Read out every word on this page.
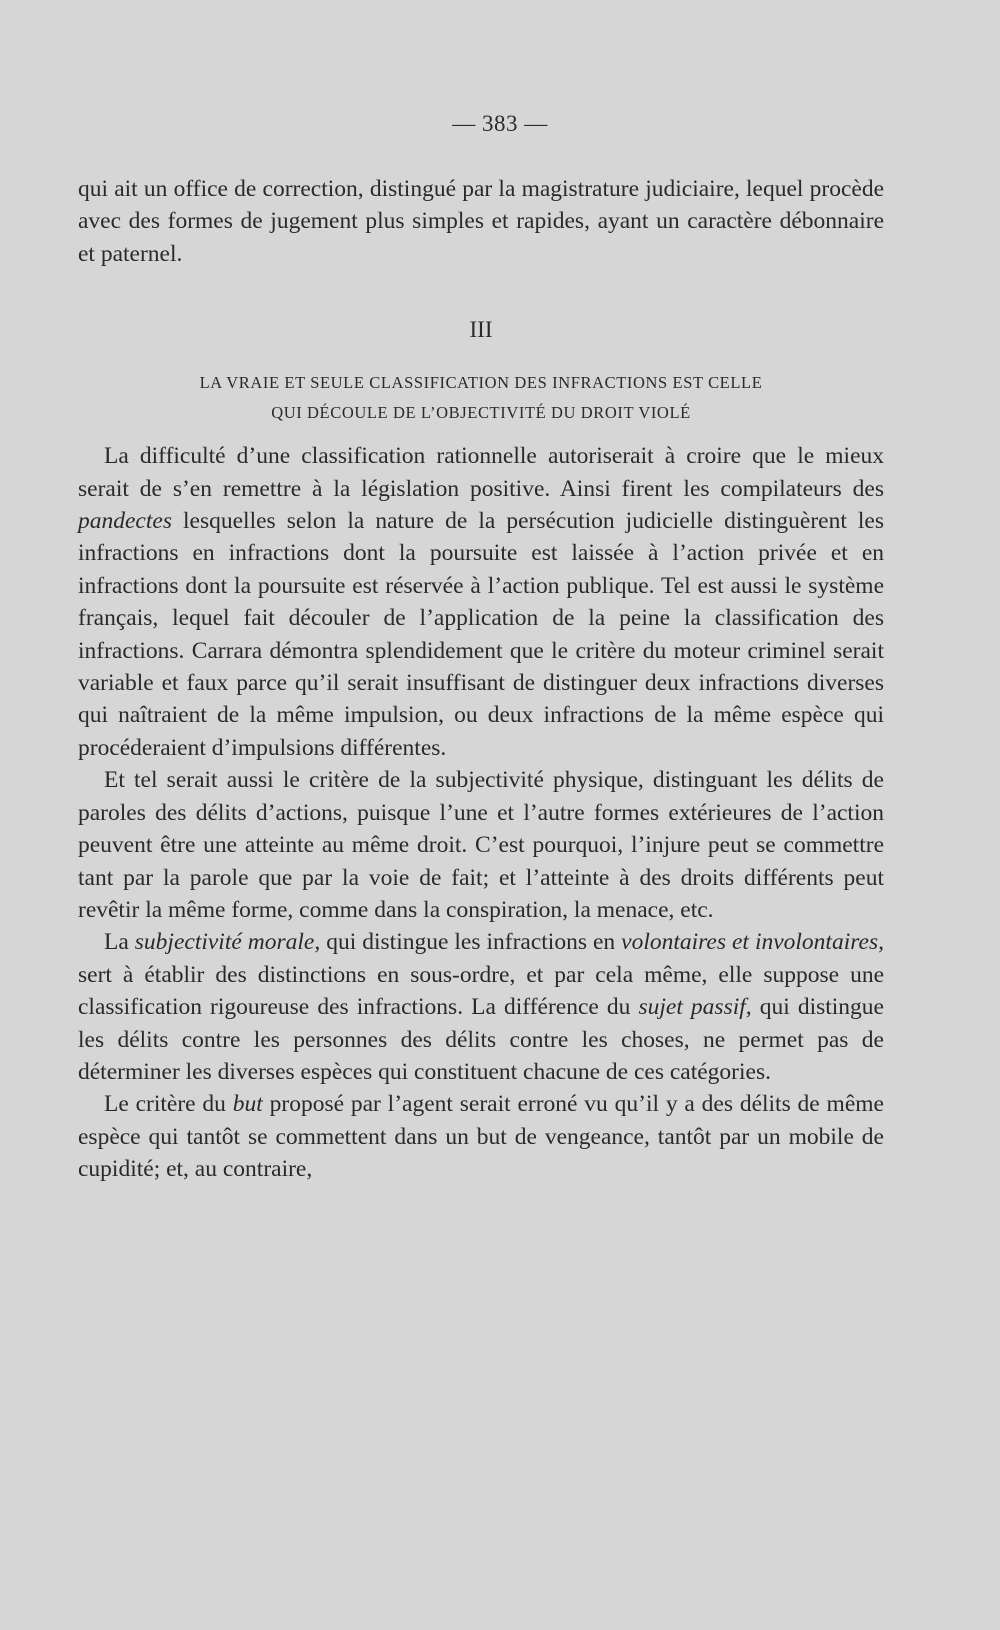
— 383 —

qui ait un office de correction, distingué par la magistrature judiciaire, lequel procède avec des formes de jugement plus simples et rapides, ayant un caractère débonnaire et paternel.

III

LA VRAIE ET SEULE CLASSIFICATION DES INFRACTIONS EST CELLE
QUI DÉCOULE DE L’OBJECTIVITÉ DU DROIT VIOLÉ

La difficulté d’une classification rationnelle autoriserait à croire que le mieux serait de s’en remettre à la législation positive. Ainsi firent les compilateurs des pandectes lesquelles selon la nature de la persécution judicielle distinguèrent les infractions en infractions dont la poursuite est laissée à l’action privée et en infractions dont la poursuite est réservée à l’action publique. Tel est aussi le système français, lequel fait découler de l’application de la peine la classification des infractions. Carrara démontra splendidement que le critère du moteur criminel serait variable et faux parce qu’il serait insuffisant de distinguer deux infractions diverses qui naîtraient de la même impulsion, ou deux infractions de la même espèce qui procéderaient d’impulsions différentes.

Et tel serait aussi le critère de la subjectivité physique, distinguant les délits de paroles des délits d’actions, puisque l’une et l’autre formes extérieures de l’action peuvent être une atteinte au même droit. C’est pourquoi, l’injure peut se commettre tant par la parole que par la voie de fait; et l’atteinte à des droits différents peut revêtir la même forme, comme dans la conspiration, la menace, etc.

La subjectivité morale, qui distingue les infractions en volontaires et involontaires, sert à établir des distinctions en sous-ordre, et par cela même, elle suppose une classification rigoureuse des infractions. La différence du sujet passif, qui distingue les délits contre les personnes des délits contre les choses, ne permet pas de déterminer les diverses espèces qui constituent chacune de ces catégories.

Le critère du but proposé par l’agent serait erroné vu qu’il y a des délits de même espèce qui tantôt se commettent dans un but de vengeance, tantôt par un mobile de cupidité; et, au contraire,
